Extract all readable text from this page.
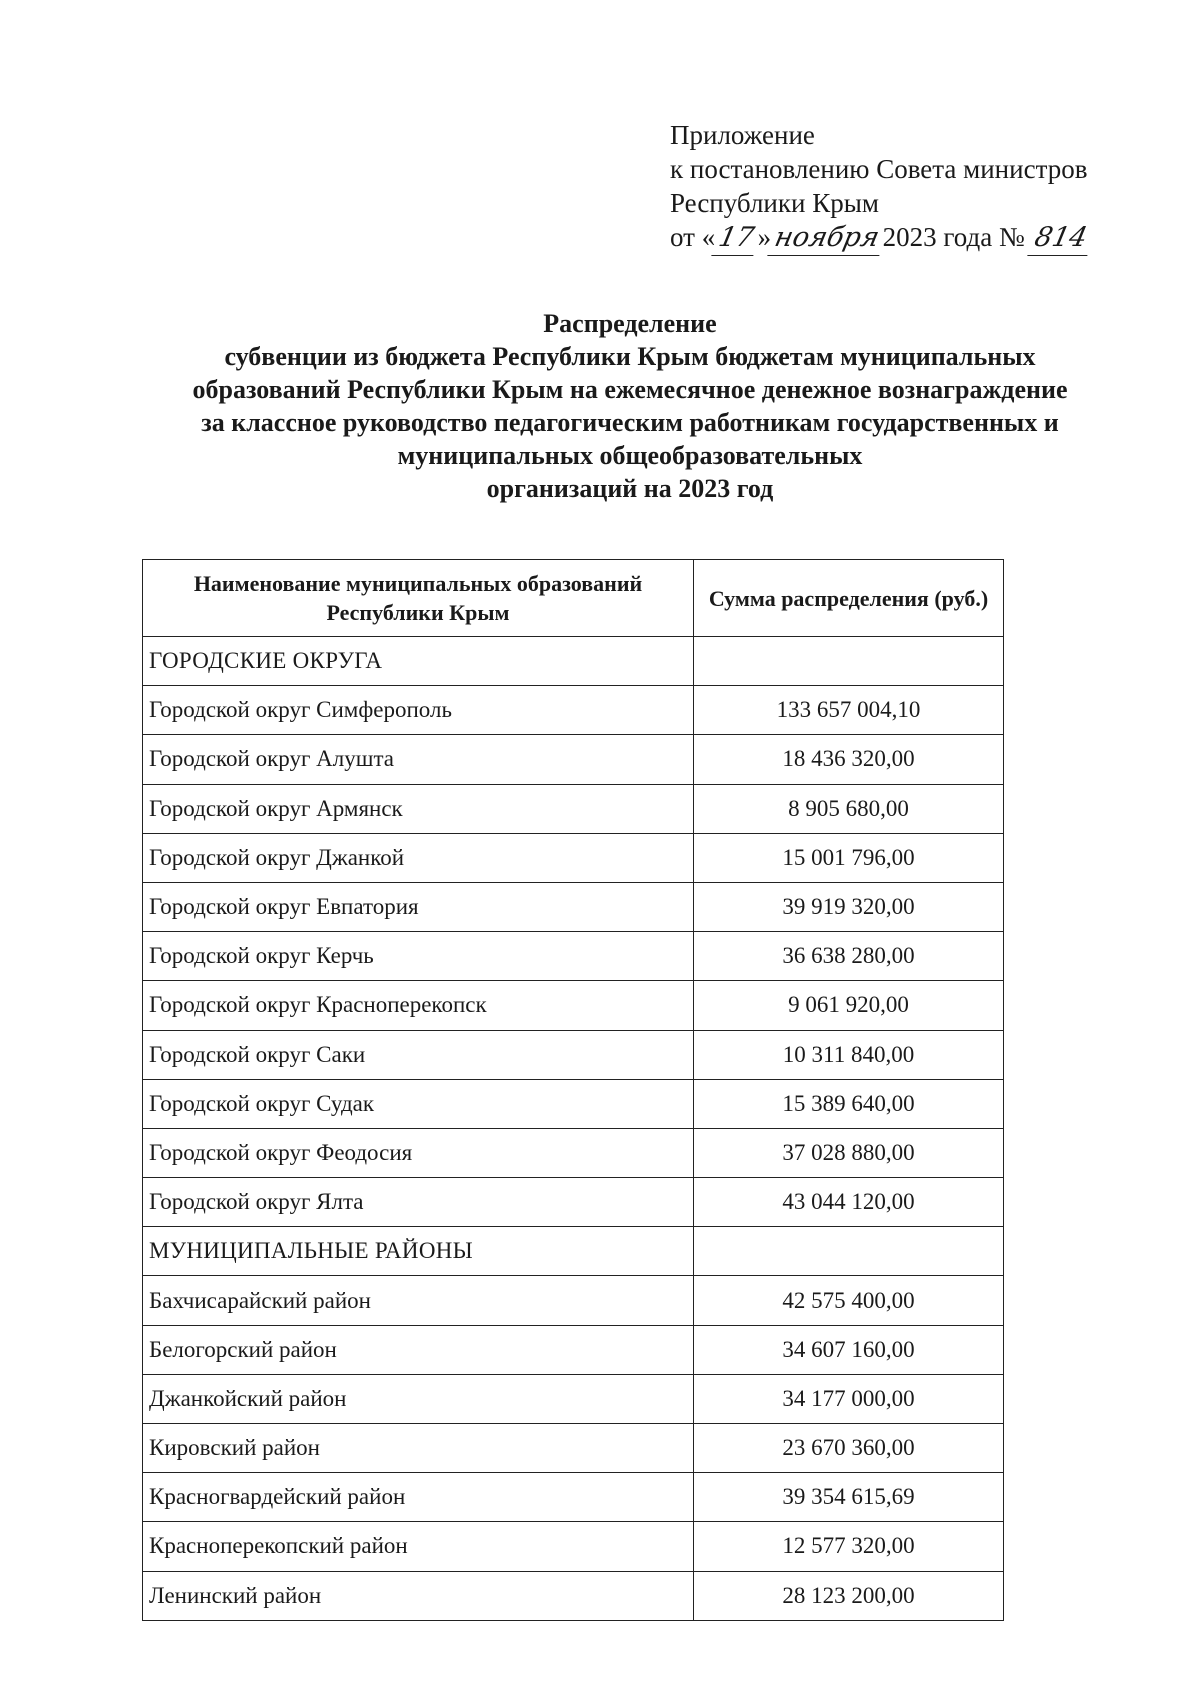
Приложение
к постановлению Совета министров
Республики Крым
от «17»ноября2023 года № 814
Распределение
субвенции из бюджета Республики Крым бюджетам муниципальных
образований Республики Крым на ежемесячное денежное вознаграждение
за классное руководство педагогическим работникам государственных и
муниципальных общеобразовательных
организаций на 2023 год
Наименование муниципальных образований Республики Крым	Сумма распределения (руб.)
ГОРОДСКИЕ ОКРУГА	
Городской округ Симферополь	133 657 004,10
Городской округ Алушта	18 436 320,00
Городской округ Армянск	8 905 680,00
Городской округ Джанкой	15 001 796,00
Городской округ Евпатория	39 919 320,00
Городской округ Керчь	36 638 280,00
Городской округ Красноперекопск	9 061 920,00
Городской округ Саки	10 311 840,00
Городской округ Судак	15 389 640,00
Городской округ Феодосия	37 028 880,00
Городской округ Ялта	43 044 120,00
МУНИЦИПАЛЬНЫЕ РАЙОНЫ	
Бахчисарайский район	42 575 400,00
Белогорский район	34 607 160,00
Джанкойский район	34 177 000,00
Кировский район	23 670 360,00
Красногвардейский район	39 354 615,69
Красноперекопский район	12 577 320,00
Ленинский район	28 123 200,00
